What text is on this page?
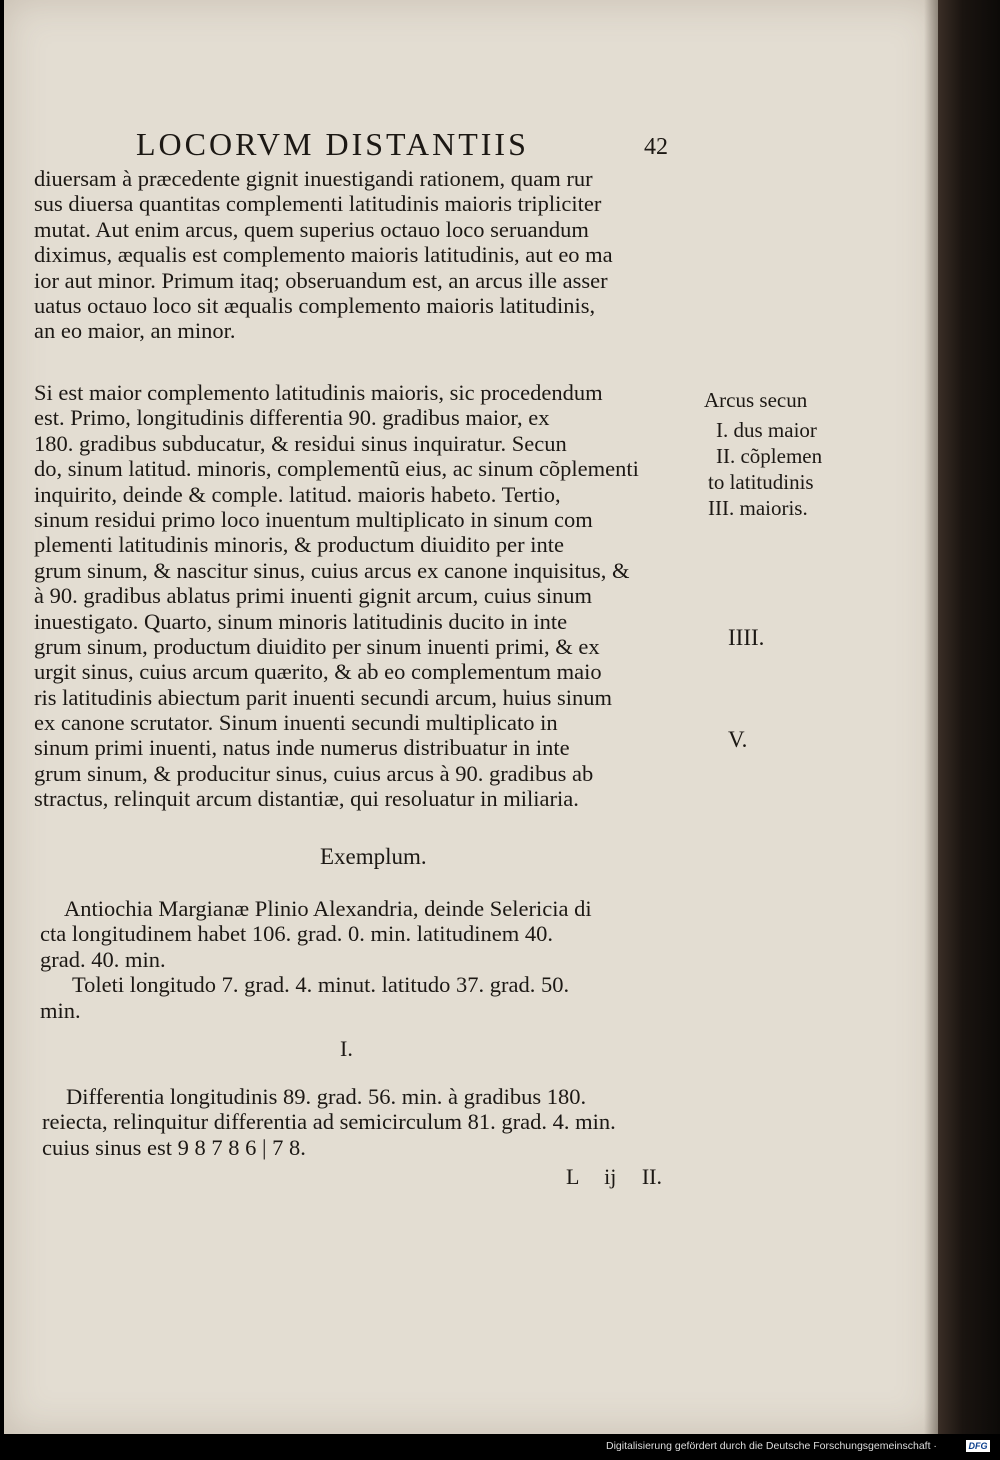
LOCORVM DISTANTIIS	42
diuersam à præcedente gignit inuestigandi rationem, quam rur
sus diuersa quantitas complementi latitudinis maioris tripliciter
mutat. Aut enim arcus, quem superius octauo loco seruandum
diximus, æqualis est complemento maioris latitudinis, aut eo ma
ior aut minor. Primum itaq; obseruandum est, an arcus ille asser
uatus octauo loco sit æqualis complemento maioris latitudinis,
an eo maior, an minor.
Si est maior complemento latitudinis maioris, sic procedendum
est. Primo, longitudinis differentia 90. gradibus maior, ex
180. gradibus subducatur, & residui sinus inquiratur. Secun
do, sinum latitud. minoris, complementũ eius, ac sinum cõplementi
inquirito, deinde & comple. latitud. maioris habeto. Tertio,
sinum residui primo loco inuentum multiplicato in sinum com
plementi latitudinis minoris, & productum diuidito per inte
grum sinum, & nascitur sinus, cuius arcus ex canone inquisitus, &
à 90. gradibus ablatus primi inuenti gignit arcum, cuius sinum
inuestigato. Quarto, sinum minoris latitudinis ducito in inte
grum sinum, productum diuidito per sinum inuenti primi, & ex
urgit sinus, cuius arcum quærito, & ab eo complementum maio
ris latitudinis abiectum parit inuenti secundi arcum, huius sinum
ex canone scrutator. Sinum inuenti secundi multiplicato in
sinum primi inuenti, natus inde numerus distribuatur in inte
grum sinum, & producitur sinus, cuius arcus à 90. gradibus ab
stractus, relinquit arcum distantiæ, qui resoluatur in miliaria.
Arcus secun
I. dus maior
II. cõplemen
to latitudinis
III. maioris.
IIII.
V.
Exemplum.
Antiochia Margianæ Plinio Alexandria, deinde Selericia di
cta longitudinem habet 106. grad. 0. min. latitudinem 40.
grad. 40. min.
Toleti longitudo 7. grad. 4. minut. latitudo 37. grad. 50.
min.
I.
Differentia longitudinis 89. grad. 56. min. à gradibus 180.
reiecta, relinquitur differentia ad semicirculum 81. grad. 4. min.
cuius sinus est 9 8 7 8 6 | 7 8.
L ij II.
Digitalisierung gefördert durch die Deutsche Forschungsgemeinschaft ·	DFG
